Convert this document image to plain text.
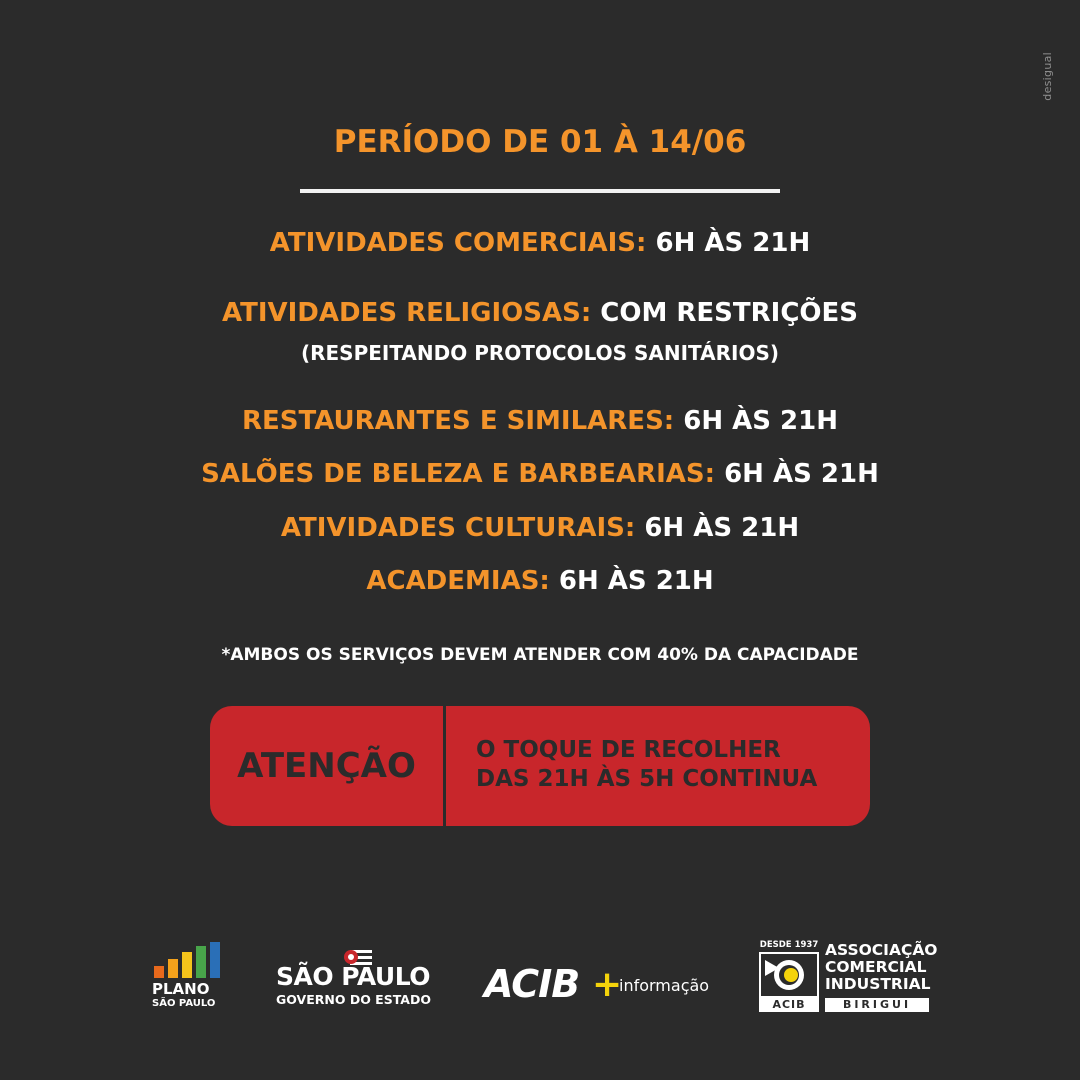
desigual
PERÍODO DE 01 À 14/06
ATIVIDADES COMERCIAIS: 6H ÀS 21H
ATIVIDADES RELIGIOSAS: COM RESTRIÇÕES
(RESPEITANDO PROTOCOLOS SANITÁRIOS)
RESTAURANTES E SIMILARES: 6H ÀS 21H
SALÕES DE BELEZA E BARBEARIAS: 6H ÀS 21H
ATIVIDADES CULTURAIS: 6H ÀS 21H
ACADEMIAS: 6H ÀS 21H
*AMBOS OS SERVIÇOS DEVEM ATENDER COM 40% DA CAPACIDADE
ATENÇÃO	O TOQUE DE RECOLHER
DAS 21H ÀS 5H CONTINUA
PLANO
SÃO PAULO
SÃO PAULO
GOVERNO DO ESTADO ACIB +
informação
DESDE 1937
ACIB
ASSOCIAÇÃO
COMERCIAL
INDUSTRIAL
BIRIGUI
